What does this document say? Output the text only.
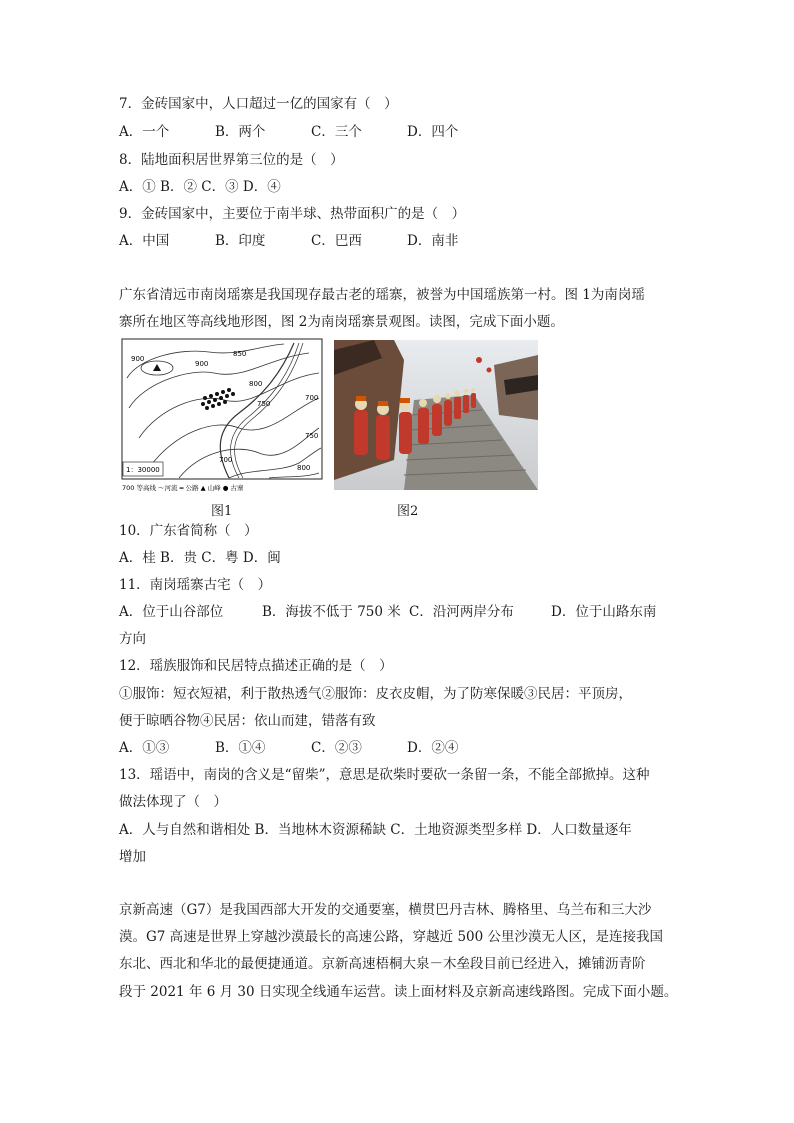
7．金砖国家中，人口超过一亿的国家有（　）
A．一个	B．两个	C．三个	D．四个
8．陆地面积居世界第三位的是（　）
A．① B．② C．③ D．④
9．金砖国家中，主要位于南半球、热带面积广的是（　）
A．中国	B．印度	C．巴西	D．南非
广东省清远市南岗瑶寨是我国现存最古老的瑶寨，被誉为中国瑶族第一村。图 1为南岗瑶
寨所在地区等高线地形图，图 2为南岗瑶寨景观图。读图，完成下面小题。
900
900
850
800
750
700
750
800
700
1：30000
700 等高线 ～河流 ═ 公路 ▲ 山峰 ● 古寨
图1	图2
10．广东省简称（　）
A．桂 B．贵 C．粤 D．闽
11．南岗瑶寨古宅（　）
A．位于山谷部位	B．海拔不低于 750 米 C．沿河两岸分布	D．位于山路东南
方向
12．瑶族服饰和民居特点描述正确的是（　）
①服饰：短衣短裙，利于散热透气②服饰：皮衣皮帽，为了防寒保暖③民居：平顶房，
便于晾晒谷物④民居：依山而建，错落有致
A．①③	B．①④	C．②③	D．②④
13．瑶语中，南岗的含义是“留柴”，意思是砍柴时要砍一条留一条，不能全部掀掉。这种
做法体现了（　）
A．人与自然和谐相处 B．当地林木资源稀缺 C．土地资源类型多样 D．人口数量逐年
增加
京新高速（G7）是我国西部大开发的交通要塞，横贯巴丹吉林、腾格里、乌兰布和三大沙
漠。G7 高速是世界上穿越沙漠最长的高速公路，穿越近 500 公里沙漠无人区，是连接我国
东北、西北和华北的最便捷通道。京新高速梧桐大泉－木垒段目前已经进入，摊铺沥青阶
段于 2021 年 6 月 30 日实现全线通车运营。读上面材料及京新高速线路图。完成下面小题。
